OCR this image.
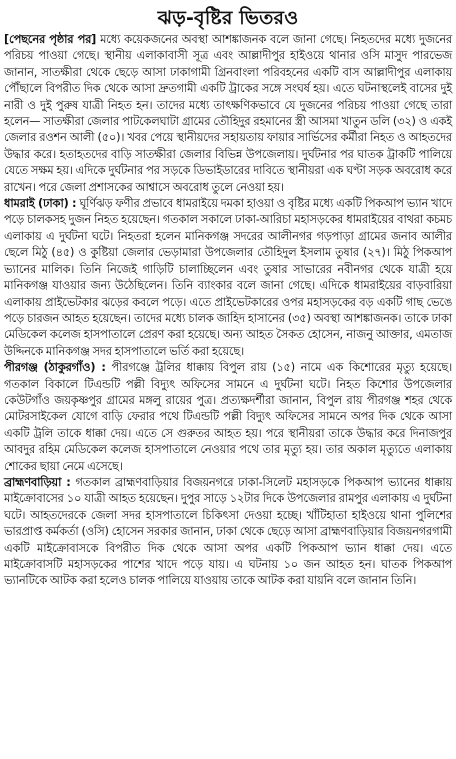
ঝড়-বৃষ্টির ভিতরও

[পেছনের পৃষ্ঠার পর] মধ্যে কয়েকজনের অবস্থা আশঙ্কাজনক বলে জানা গেছে। নিহতদের মধ্যে দুজনের পরিচয় পাওয়া গেছে। স্থানীয় এলাকাবাসী সূত্র এবং আল্লাদীপুর হাইওয়ে থানার ওসি মাসুদ পারভেজ জানান, সাতক্ষীরা থেকে ছেড়ে আসা ঢাকাগামী গ্রিনবাংলা পরিবহনের একটি বাস আল্লাদীপুর এলাকায় পৌঁছালে বিপরীত দিক থেকে আসা দ্রুতগামী একটি ট্রাকের সঙ্গে সংঘর্ষ হয়। এতে ঘটনাস্থলেই বাসের দুই নারী ও দুই পুরুষ যাত্রী নিহত হন। তাদের মধ্যে তাৎক্ষণিকভাবে যে দুজনের পরিচয় পাওয়া গেছে তারা হলেন— সাতক্ষীরা জেলার পাটকেলঘাটা গ্রামের তৌহিদুর রহমানের স্ত্রী আসমা খাতুন ডলি (৩২) ও একই জেলার রওশন আলী (৫০)। খবর পেয়ে স্থানীয়দের সহায়তায় ফায়ার সার্ভিসের কর্মীরা নিহত ও আহতদের উদ্ধার করে। হতাহতদের বাড়ি সাতক্ষীরা জেলার বিভিন্ন উপজেলায়। দুর্ঘটনার পর ঘাতক ট্রাকটি পালিয়ে যেতে সক্ষম হয়। এদিকে দুর্ঘটনার পর সড়কে ডিভাইডারের দাবিতে স্থানীয়রা এক ঘণ্টা সড়ক অবরোধ করে রাখেন। পরে জেলা প্রশাসকের আশ্বাসে অবরোধ তুলে নেওয়া হয়।

ধামরাই (ঢাকা) : ঘূর্ণিঝড় ফণীর প্রভাবে ধামরাইয়ে দমকা হাওয়া ও বৃষ্টির মধ্যে একটি পিকআপ ভ্যান খাদে পড়ে চালকসহ দুজন নিহত হয়েছেন। গতকাল সকালে ঢাকা-আরিচা মহাসড়কের ধামরাইয়ের বাথরা কচমচ এলাকায় এ দুর্ঘটনা ঘটে। নিহতরা হলেন মানিকগঞ্জ সদরের আলীনগর গড়পাড়া গ্রামের জনাব আলীর ছেলে মিঠু (৪৫) ও কুষ্টিয়া জেলার ভেড়ামারা উপজেলার তৌহিদুল ইসলাম তুষার (২৭)। মিঠু পিকআপ ভ্যানের মালিক। তিনি নিজেই গাড়িটি চালাচ্ছিলেন এবং তুষার সাভারের নবীনগর থেকে যাত্রী হয়ে মানিকগঞ্জ যাওয়ার জন্য উঠেছিলেন। তিনি ব্যাংকার বলে জানা গেছে। এদিকে ধামরাইয়ের বাড়বারিয়া এলাকায় প্রাইভেটকার ঝড়ের কবলে পড়ে। এতে প্রাইভেটকারের ওপর মহাসড়কের বড় একটি গাছ ভেঙে পড়ে চারজন আহত হয়েছেন। তাদের মধ্যে চালক জাহিদ হাসানের (৩৫) অবস্থা আশঙ্কাজনক। তাকে ঢাকা মেডিকেল কলেজ হাসপাতালে প্রেরণ করা হয়েছে। অন্য আহত সৈকত হোসেন, নাজনু আক্তার, এমতাজ উদ্দিনকে মানিকগঞ্জ সদর হাসপাতালে ভর্তি করা হয়েছে।

পীরগঞ্জ (ঠাকুরগাঁও) : পীরগঞ্জে ট্রলির ধাক্কায় বিপুল রায় (১৫) নামে এক কিশোরের মৃত্যু হয়েছে। গতকাল বিকালে টিএন্ডটি পল্লী বিদ্যুৎ অফিসের সামনে এ দুর্ঘটনা ঘটে। নিহত কিশোর উপজেলার কেউটগাঁও জয়কৃষ্ণপুর গ্রামের মঙ্গলু রায়ের পুত্র। প্রত্যক্ষদর্শীরা জানান, বিপুল রায় পীরগঞ্জ শহর থেকে মোটরসাইকেল যোগে বাড়ি ফেরার পথে টিএন্ডটি পল্লী বিদ্যুৎ অফিসের সামনে অপর দিক থেকে আসা একটি ট্রলি তাকে ধাক্কা দেয়। এতে সে গুরুতর আহত হয়। পরে স্থানীয়রা তাকে উদ্ধার করে দিনাজপুর আবদুর রহিম মেডিকেল কলেজ হাসপাতালে নেওয়ার পথে তার মৃত্যু হয়। তার অকাল মৃত্যুতে এলাকায় শোকের ছায়া নেমে এসেছে।

ব্রাহ্মণবাড়িয়া : গতকাল ব্রাহ্মণবাড়িয়ার বিজয়নগরে ঢাকা-সিলেট মহাসড়কে পিকআপ ভ্যানের ধাক্কায় মাইক্রোবাসের ১০ যাত্রী আহত হয়েছেন। দুপুর সাড়ে ১২টার দিকে উপজেলার রামপুর এলাকায় এ দুর্ঘটনা ঘটে। আহতদেরকে জেলা সদর হাসপাতালে চিকিৎসা দেওয়া হচ্ছে। খাঁটিহাতা হাইওয়ে থানা পুলিশের ভারপ্রাপ্ত কর্মকর্তা (ওসি) হোসেন সরকার জানান, ঢাকা থেকে ছেড়ে আসা ব্রাহ্মণবাড়িয়ার বিজয়নগরগামী একটি মাইক্রোবাসকে বিপরীত দিক থেকে আসা অপর একটি পিকআপ ভ্যান ধাক্কা দেয়। এতে মাইক্রোবাসটি মহাসড়কের পাশের খাদে পড়ে যায়। এ ঘটনায় ১০ জন আহত হন। ঘাতক পিকআপ ভ্যানটিকে আটক করা হলেও চালক পালিয়ে যাওয়ায় তাকে আটক করা যায়নি বলে জানান তিনি।
